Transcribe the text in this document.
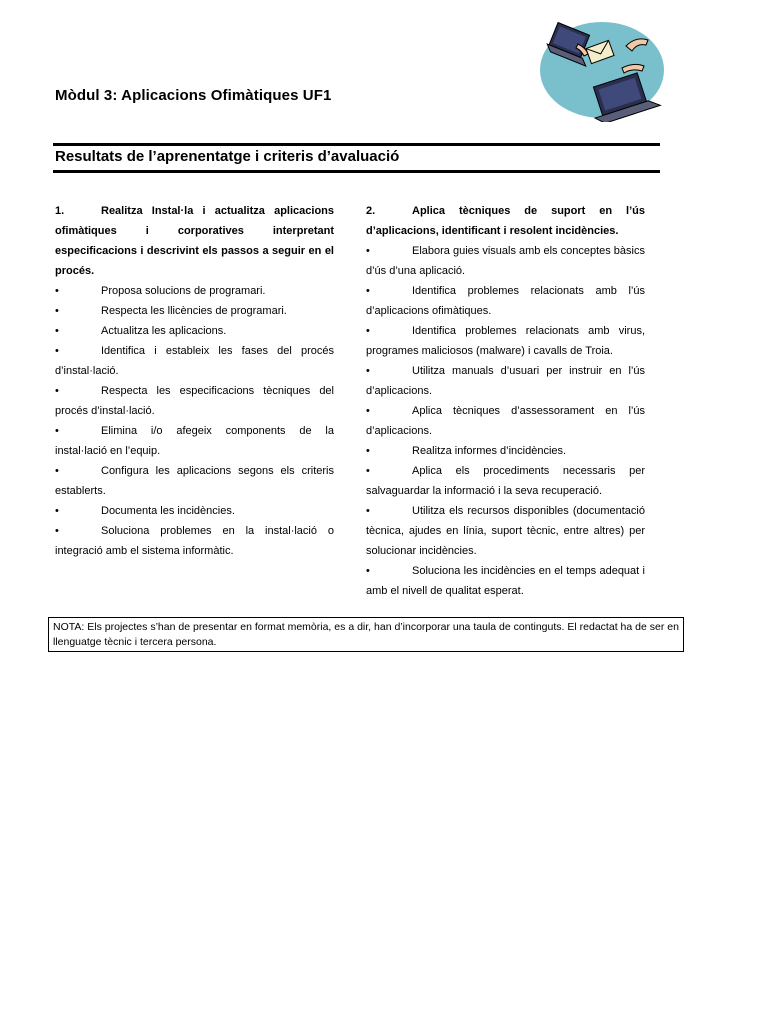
Mòdul 3: Aplicacions Ofimàtiques UF1
Resultats de l’aprenentatge i criteris d’avaluació
1.	Realitza Instal·la i actualitza aplicacions ofimàtiques i corporatives interpretant especificacions i descrivint els passos a seguir en el procés.
•	Proposa solucions de programari.
•	Respecta les llicències de programari.
•	Actualitza les aplicacions.
•	Identifica i estableix les fases del procés d’instal·lació.
•	Respecta les especificacions tècniques del procés d’instal·lació.
•	Elimina i/o afegeix components de la instal·lació en l’equip.
•	Configura les aplicacions segons els criteris establerts.
•	Documenta les incidències.
•	Soluciona problemes en la instal·lació o integració amb el sistema informàtic.
2.	Aplica tècniques de suport en l’ús d’aplicacions, identificant i resolent incidències.
•	Elabora guies visuals amb els conceptes bàsics d’ús d’una aplicació.
•	Identifica problemes relacionats amb l’ús d’aplicacions ofimàtiques.
•	Identifica problemes relacionats amb virus, programes maliciosos (malware) i cavalls de Troia.
•	Utilitza manuals d’usuari per instruir en l’ús d’aplicacions.
•	Aplica tècniques d’assessorament en l’ús d’aplicacions.
•	Realitza informes d’incidències.
•	Aplica els procediments necessaris per salvaguardar la informació i la seva recuperació.
•	Utilitza els recursos disponibles (documentació tècnica, ajudes en línia, suport tècnic, entre altres) per solucionar incidències.
•	Soluciona les incidències en el temps adequat i amb el nivell de qualitat esperat.
NOTA: Els projectes s’han de presentar en format memòria, es a dir, han d’incorporar una taula de continguts. El redactat ha de ser en llenguatge tècnic i tercera persona.
